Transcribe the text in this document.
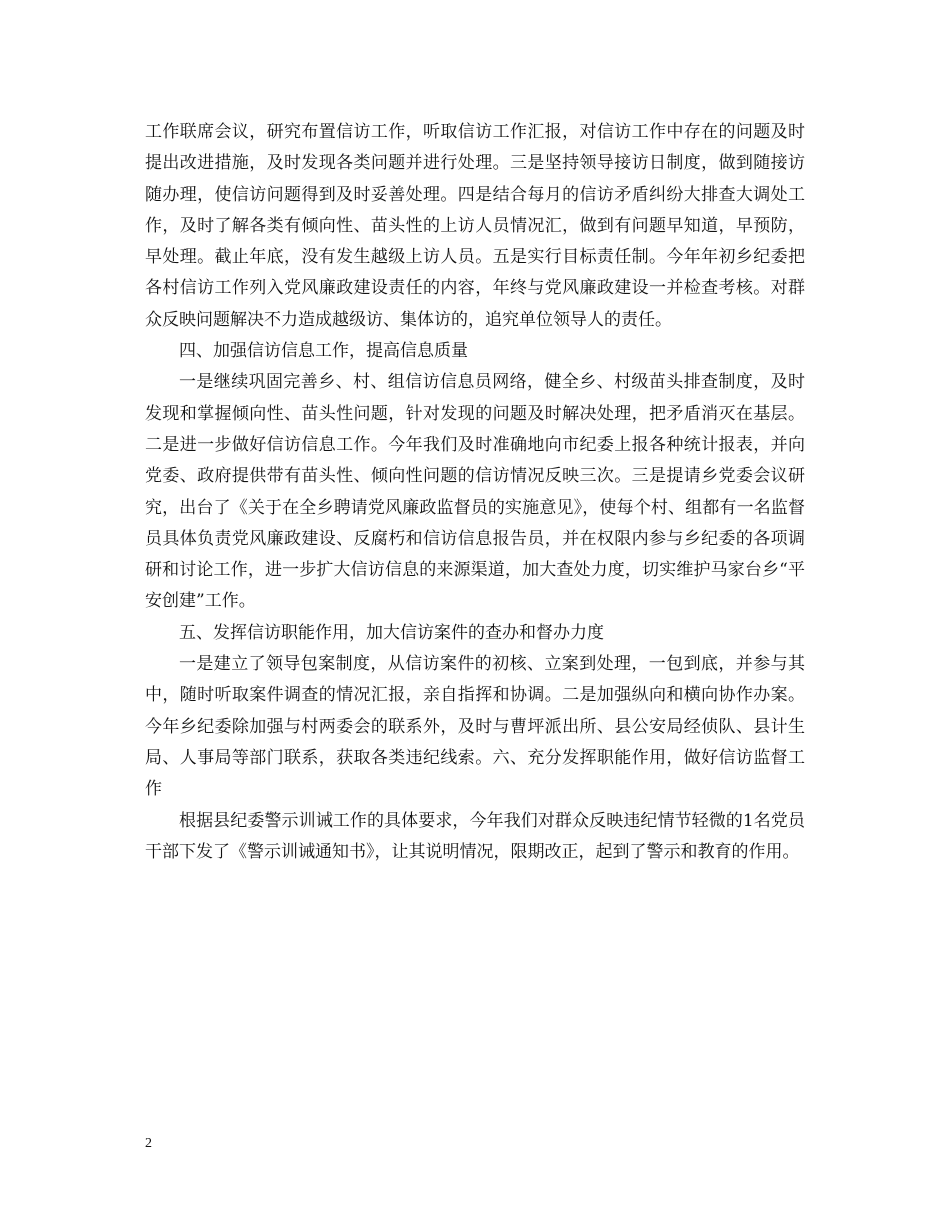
工作联席会议，研究布置信访工作，听取信访工作汇报，对信访工作中存在的问题及时提出改进措施，及时发现各类问题并进行处理。三是坚持领导接访日制度，做到随接访随办理，使信访问题得到及时妥善处理。四是结合每月的信访矛盾纠纷大排查大调处工作，及时了解各类有倾向性、苗头性的上访人员情况汇，做到有问题早知道，早预防，早处理。截止年底，没有发生越级上访人员。五是实行目标责任制。今年年初乡纪委把各村信访工作列入党风廉政建设责任的内容，年终与党风廉政建设一并检查考核。对群众反映问题解决不力造成越级访、集体访的，追究单位领导人的责任。

四、加强信访信息工作，提高信息质量

一是继续巩固完善乡、村、组信访信息员网络，健全乡、村级苗头排查制度，及时发现和掌握倾向性、苗头性问题，针对发现的问题及时解决处理，把矛盾消灭在基层。二是进一步做好信访信息工作。今年我们及时准确地向市纪委上报各种统计报表，并向党委、政府提供带有苗头性、倾向性问题的信访情况反映三次。三是提请乡党委会议研究，出台了《关于在全乡聘请党风廉政监督员的实施意见》，使每个村、组都有一名监督员具体负责党风廉政建设、反腐朽和信访信息报告员，并在权限内参与乡纪委的各项调研和讨论工作，进一步扩大信访信息的来源渠道，加大查处力度，切实维护马家台乡“平安创建”工作。

五、发挥信访职能作用，加大信访案件的查办和督办力度

一是建立了领导包案制度，从信访案件的初核、立案到处理，一包到底，并参与其中，随时听取案件调查的情况汇报，亲自指挥和协调。二是加强纵向和横向协作办案。今年乡纪委除加强与村两委会的联系外，及时与曹坪派出所、县公安局经侦队、县计生局、人事局等部门联系，获取各类违纪线索。六、充分发挥职能作用，做好信访监督工作

根据县纪委警示训诫工作的具体要求，今年我们对群众反映违纪情节轻微的1名党员干部下发了《警示训诫通知书》，让其说明情况，限期改正，起到了警示和教育的作用。

2
